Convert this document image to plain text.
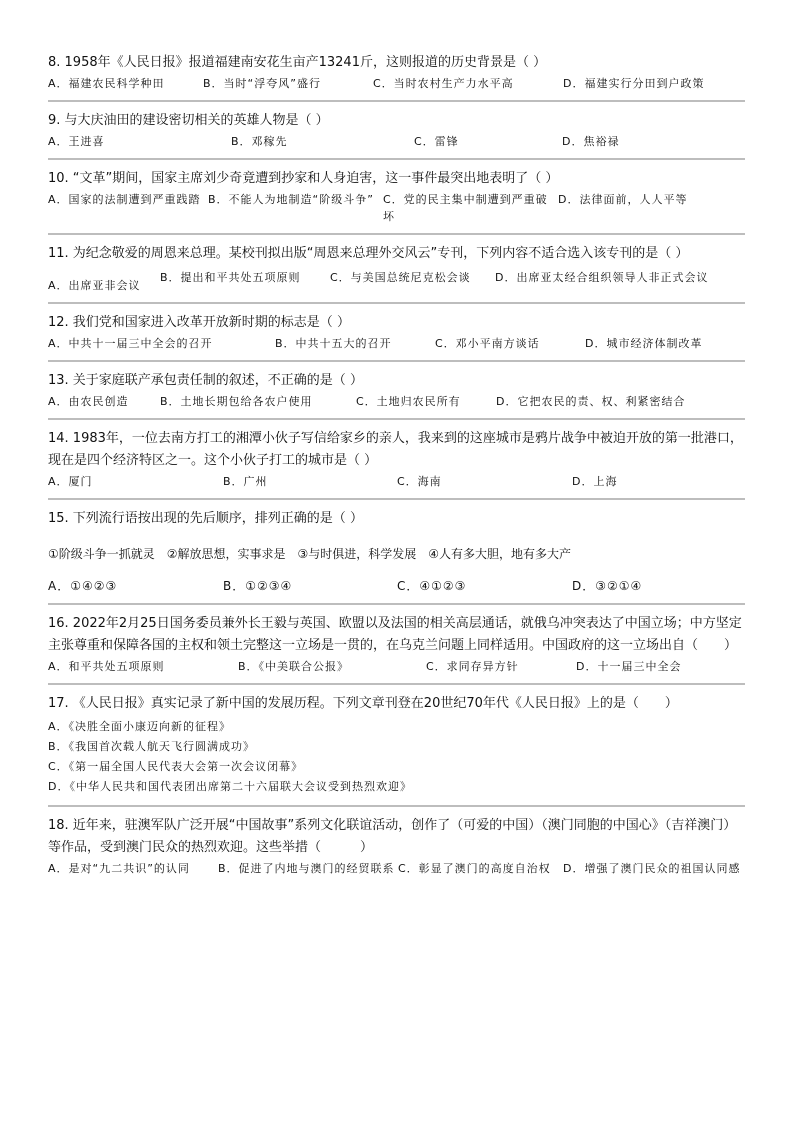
8. 1958年《人民日报》报道福建南安花生亩产13241斤，这则报道的历史背景是（ ）

A．福建农民科学种田	B．当时“浮夸风”盛行	C．当时农村生产力水平高	D．福建实行分田到户政策

9. 与大庆油田的建设密切相关的英雄人物是（ ）

A．王进喜	B．邓稼先	C．雷锋	D．焦裕禄

10. “文革”期间，国家主席刘少奇竟遭到抄家和人身迫害，这一事件最突出地表明了（ ）

A．国家的法制遭到严重践踏 B．不能人为地制造“阶级斗争” C．党的民主集中制遭到严重破坏
D．法律面前，人人平等

11. 为纪念敬爱的周恩来总理。某校刊拟出版“周恩来总理外交风云”专刊，下列内容不适合选入该专刊的是（ ）

A．出席亚非会议
B．提出和平共处五项原则	C．与美国总统尼克松会谈	D．出席亚太经合组织领导人非正式会议

12. 我们党和国家进入改革开放新时期的标志是（ ）

A．中共十一届三中全会的召开	B．中共十五大的召开	C．邓小平南方谈话	D．城市经济体制改革

13. 关于家庭联产承包责任制的叙述，不正确的是（ ）

A．由农民创造	B．土地长期包给各农户使用	C．土地归农民所有	D．它把农民的责、权、利紧密结合

14. 1983年，一位去南方打工的湘潭小伙子写信给家乡的亲人，我来到的这座城市是鸦片战争中被迫开放的第一批港口，现在是四个经济特区之一。这个小伙子打工的城市是（ ）

A．厦门	B．广州	C．海南	D．上海

15. 下列流行语按出现的先后顺序，排列正确的是（ ）

①阶级斗争一抓就灵　②解放思想，实事求是　③与时俱进，科学发展　④人有多大胆，地有多大产

A．①④②③	B．①②③④	C．④①②③	D．③②①④

16. 2022年2月25日国务委员兼外长王毅与英国、欧盟以及法国的相关高层通话，就俄乌冲突表达了中国立场；中方坚定主张尊重和保障各国的主权和领土完整这一立场是一贯的，在乌克兰问题上同样适用。中国政府的这一立场出自（　　）

A．和平共处五项原则	B．《中美联合公报》	C．求同存异方针	D．十一届三中全会

17. 《人民日报》真实记录了新中国的发展历程。下列文章刊登在20世纪70年代《人民日报》上的是（　　）

A．《决胜全面小康迈向新的征程》
B．《我国首次载人航天飞行圆满成功》
C．《第一届全国人民代表大会第一次会议闭幕》
D．《中华人民共和国代表团出席第二十六届联大会议受到热烈欢迎》

18. 近年来，驻澳军队广泛开展“中国故事”系列文化联谊活动，创作了（可爱的中国）（澳门同胞的中国心》（吉祥澳门）等作品，受到澳门民众的热烈欢迎。这些举措（　　　）

A．是对“九二共识”的认同	B．促进了内地与澳门的经贸联系 C．彰显了澳门的高度自治权	D．增强了澳门民众的祖国认同感
